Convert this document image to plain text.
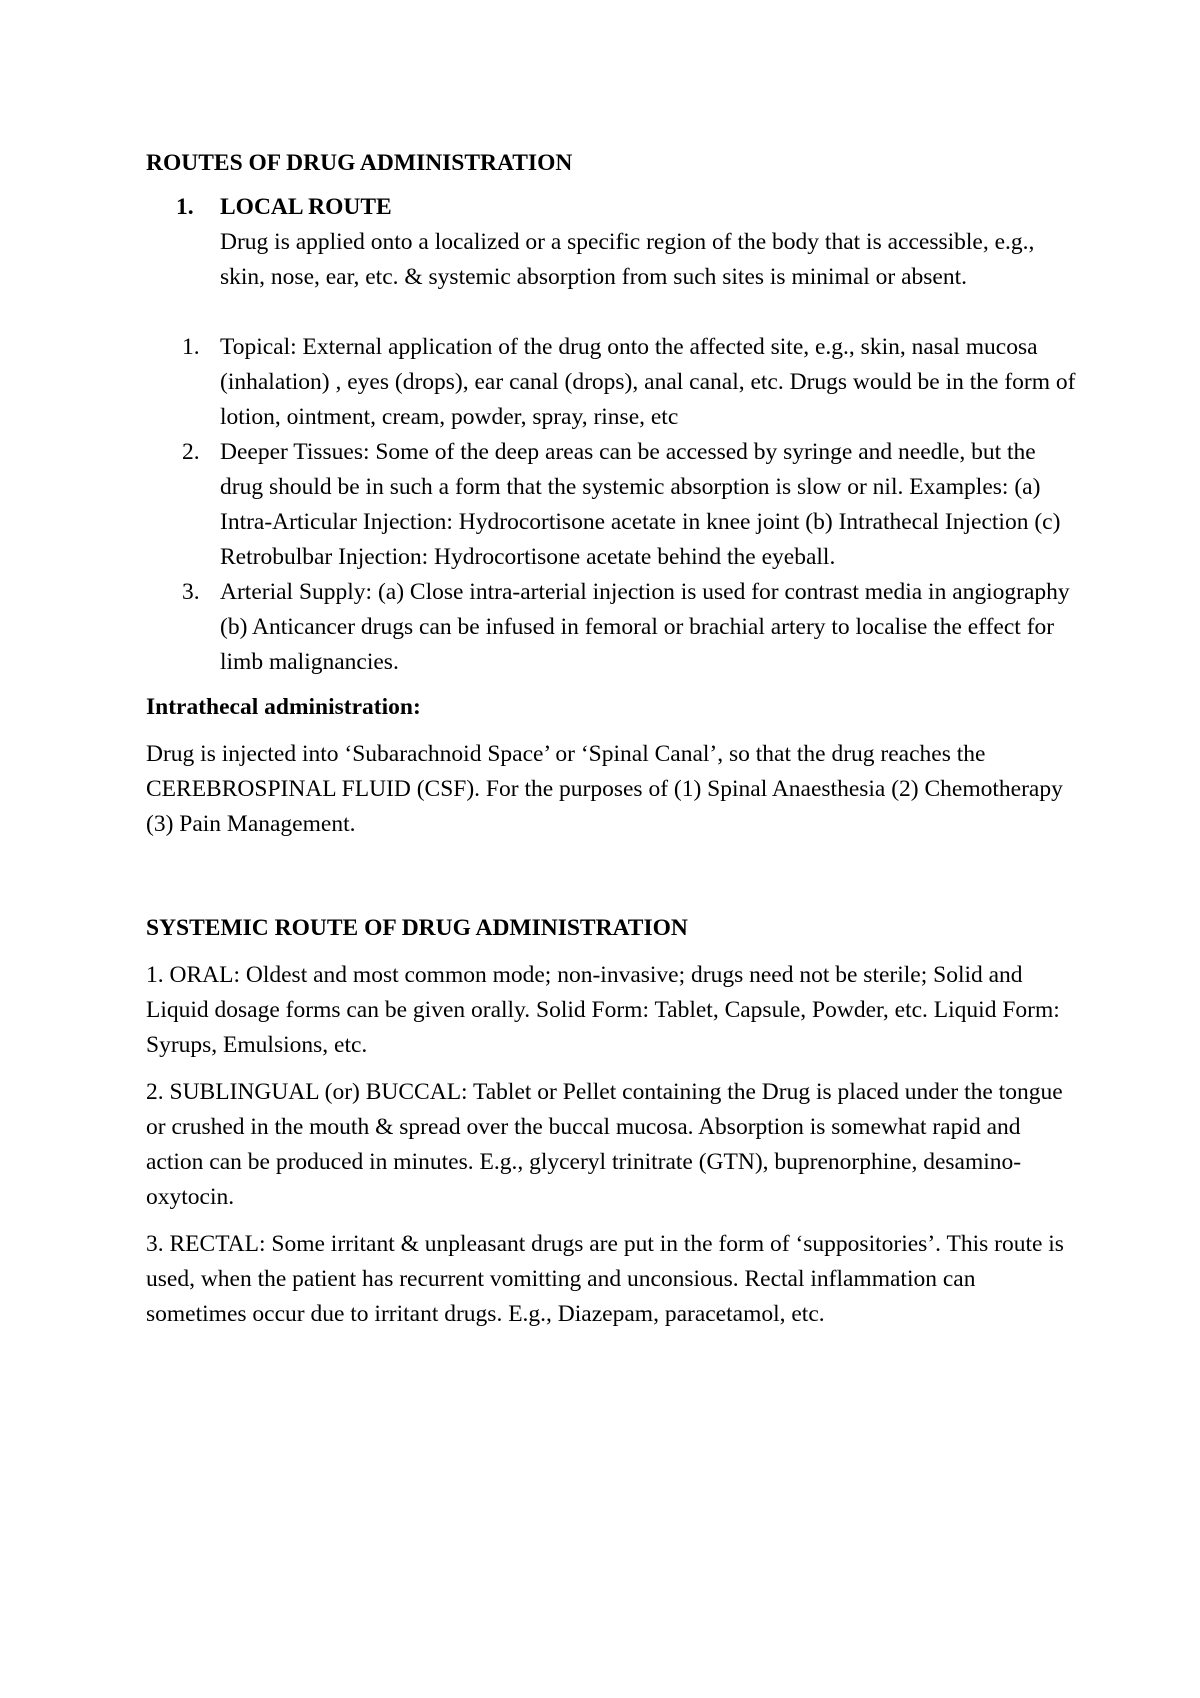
ROUTES OF DRUG ADMINISTRATION

1. LOCAL ROUTE

Drug is applied onto a localized or a specific region of the body that is accessible, e.g., skin, nose, ear, etc. & systemic absorption from such sites is minimal or absent.

1. Topical: External application of the drug onto the affected site, e.g., skin, nasal mucosa (inhalation) , eyes (drops), ear canal (drops), anal canal, etc. Drugs would be in the form of lotion, ointment, cream, powder, spray, rinse, etc

2. Deeper Tissues: Some of the deep areas can be accessed by syringe and needle, but the drug should be in such a form that the systemic absorption is slow or nil. Examples: (a) Intra-Articular Injection: Hydrocortisone acetate in knee joint (b) Intrathecal Injection (c) Retrobulbar Injection: Hydrocortisone acetate behind the eyeball.

3. Arterial Supply: (a) Close intra-arterial injection is used for contrast media in angiography (b) Anticancer drugs can be infused in femoral or brachial artery to localise the effect for limb malignancies.

Intrathecal administration:

Drug is injected into ‘Subarachnoid Space’ or ‘Spinal Canal’, so that the drug reaches the CEREBROSPINAL FLUID (CSF). For the purposes of (1) Spinal Anaesthesia (2) Chemotherapy (3) Pain Management.

SYSTEMIC ROUTE OF DRUG ADMINISTRATION

1. ORAL: Oldest and most common mode; non-invasive; drugs need not be sterile; Solid and Liquid dosage forms can be given orally. Solid Form: Tablet, Capsule, Powder, etc. Liquid Form: Syrups, Emulsions, etc.

2. SUBLINGUAL (or) BUCCAL: Tablet or Pellet containing the Drug is placed under the tongue or crushed in the mouth & spread over the buccal mucosa. Absorption is somewhat rapid and action can be produced in minutes. E.g., glyceryl trinitrate (GTN), buprenorphine, desamino-oxytocin.

3. RECTAL: Some irritant & unpleasant drugs are put in the form of ‘suppositories’. This route is used, when the patient has recurrent vomitting and unconsious. Rectal inflammation can sometimes occur due to irritant drugs. E.g., Diazepam, paracetamol, etc.
